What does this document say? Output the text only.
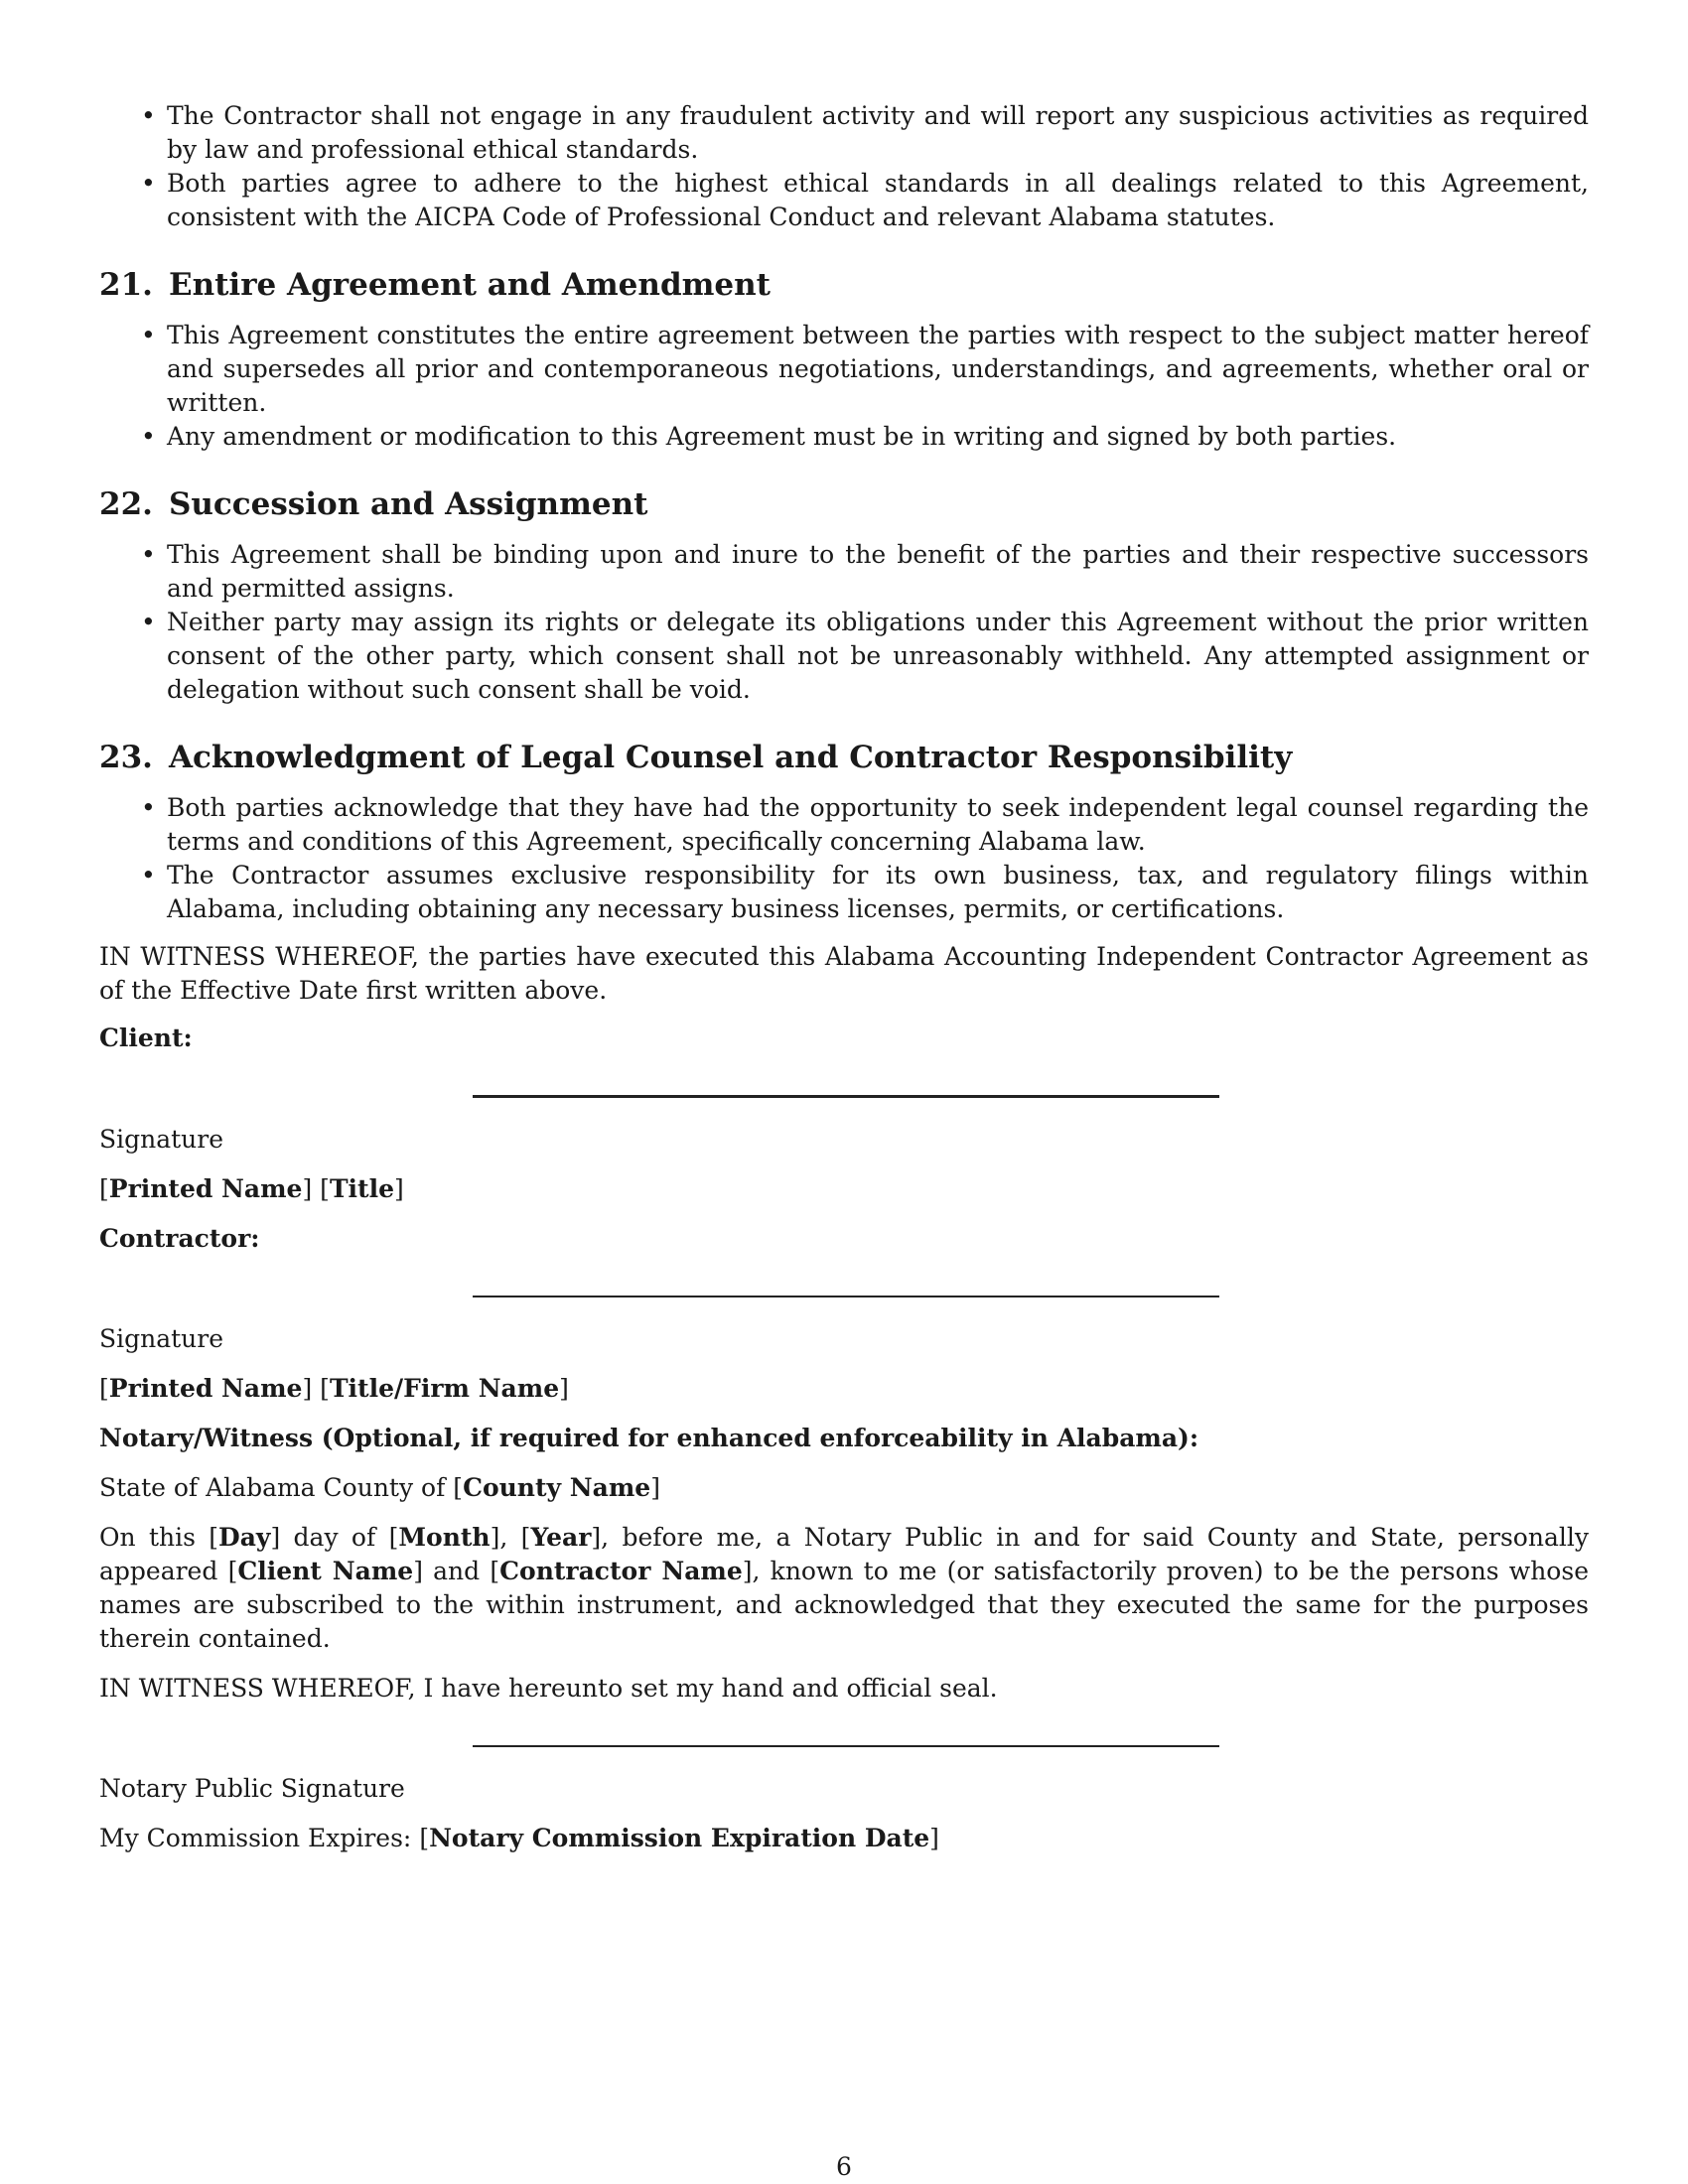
• The Contractor shall not engage in any fraudulent activity and will report any suspicious activities as required by law and professional ethical standards.
• Both parties agree to adhere to the highest ethical standards in all dealings related to this Agreement, consistent with the AICPA Code of Professional Conduct and relevant Alabama statutes.
21. Entire Agreement and Amendment
• This Agreement constitutes the entire agreement between the parties with respect to the subject matter hereof and supersedes all prior and contemporaneous negotiations, understandings, and agreements, whether oral or written.
• Any amendment or modification to this Agreement must be in writing and signed by both parties.
22. Succession and Assignment
• This Agreement shall be binding upon and inure to the benefit of the parties and their respective successors and permitted assigns.
• Neither party may assign its rights or delegate its obligations under this Agreement without the prior written consent of the other party, which consent shall not be unreasonably withheld. Any attempted assignment or delegation without such consent shall be void.
23. Acknowledgment of Legal Counsel and Contractor Responsibility
• Both parties acknowledge that they have had the opportunity to seek independent legal counsel regarding the terms and conditions of this Agreement, specifically concerning Alabama law.
• The Contractor assumes exclusive responsibility for its own business, tax, and regulatory filings within Alabama, including obtaining any necessary business licenses, permits, or certifications.

IN WITNESS WHEREOF, the parties have executed this Alabama Accounting Independent Contractor Agreement as of the Effective Date first written above.

Client:

Signature

[Printed Name] [Title]

Contractor:

Signature

[Printed Name] [Title/Firm Name]

Notary/Witness (Optional, if required for enhanced enforceability in Alabama):

State of Alabama County of [County Name]

On this [Day] day of [Month], [Year], before me, a Notary Public in and for said County and State, personally appeared [Client Name] and [Contractor Name], known to me (or satisfactorily proven) to be the persons whose names are subscribed to the within instrument, and acknowledged that they executed the same for the purposes therein contained.

IN WITNESS WHEREOF, I have hereunto set my hand and official seal.

Notary Public Signature

My Commission Expires: [Notary Commission Expiration Date]

6
